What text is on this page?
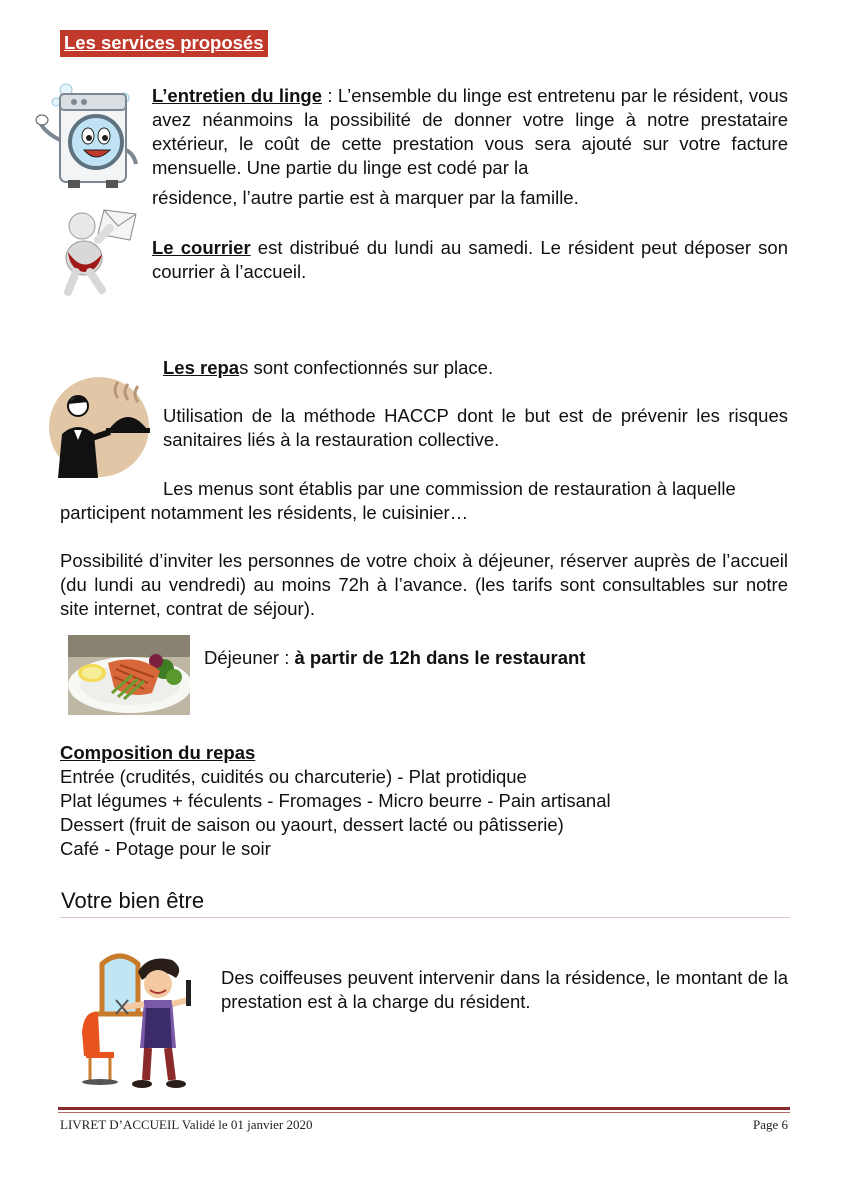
Les services proposés
L’entretien du linge : L’ensemble du linge est entretenu par le résident, vous avez néanmoins la possibilité de donner votre linge à notre prestataire extérieur, le coût de cette prestation vous sera ajouté sur votre facture mensuelle. Une partie du linge est codé par la
résidence, l’autre partie est à marquer par la famille.
Le courrier est distribué du lundi au samedi. Le résident peut déposer son courrier à l’accueil.
Les repas sont confectionnés sur place.
Utilisation de la méthode HACCP dont le but est de prévenir les risques sanitaires liés à la restauration collective.
Les menus sont établis par une commission de restauration à laquelle
participent notamment les résidents, le cuisinier…
Possibilité d’inviter les personnes de votre choix à déjeuner, réserver auprès de l’accueil (du lundi au vendredi) au moins 72h à l’avance. (les tarifs sont consultables sur notre site internet, contrat de séjour).
Déjeuner : à partir de 12h dans le restaurant
Composition du repas
Entrée (crudités, cuidités ou charcuterie) - Plat protidique
Plat légumes + féculents - Fromages - Micro beurre - Pain artisanal
Dessert (fruit de saison ou yaourt, dessert lacté ou pâtisserie)
Café - Potage pour le soir
Votre bien être
Des coiffeuses peuvent intervenir dans la résidence, le montant de la prestation est à la charge du résident.
LIVRET D’ACCUEIL Validé le 01 janvier 2020	Page 6
